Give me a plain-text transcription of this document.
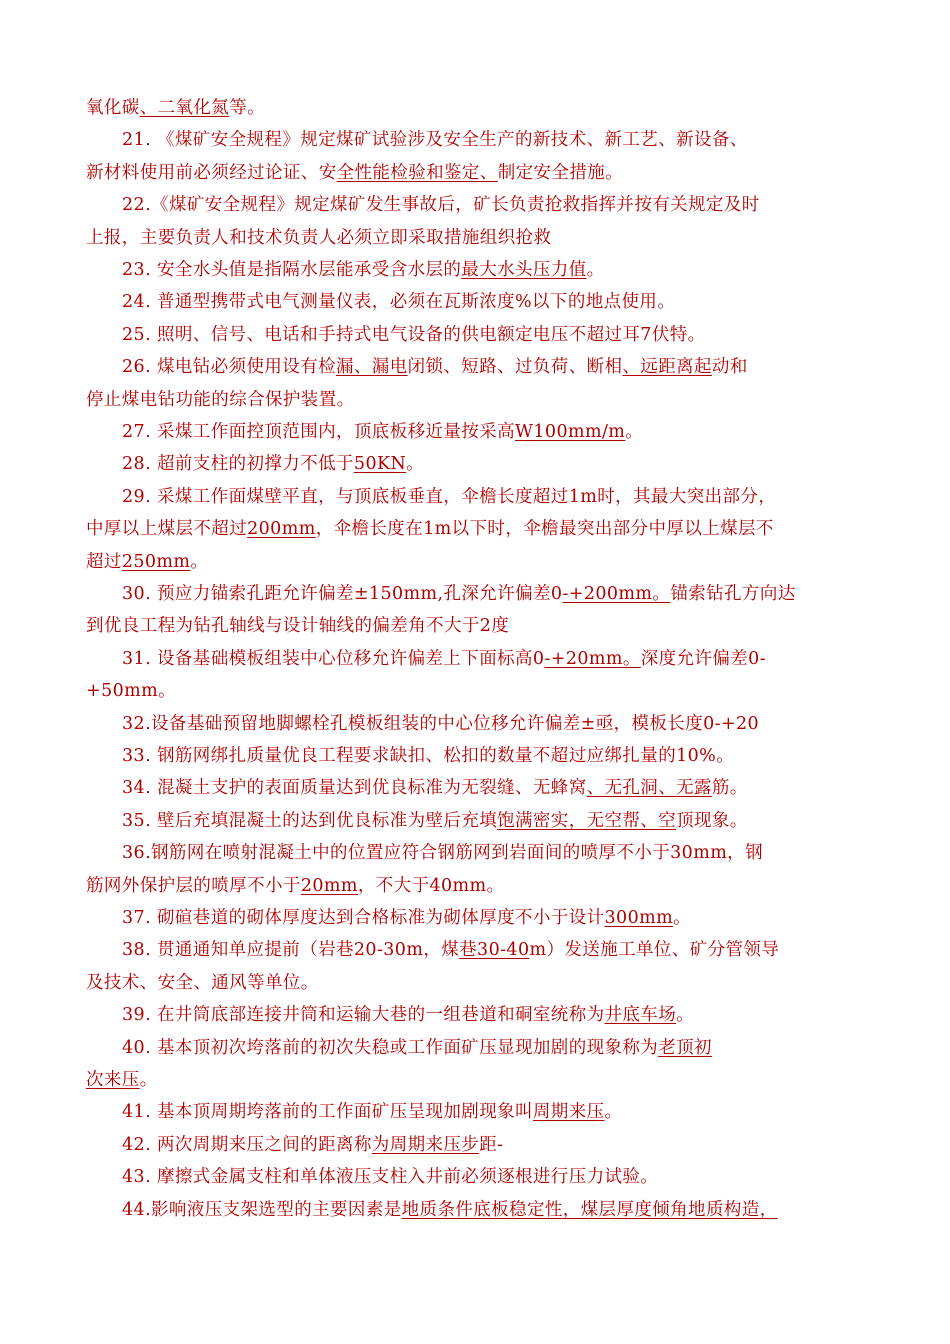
氧化碳、二氧化氮等。
21. 《煤矿安全规程》规定煤矿试验涉及安全生产的新技术、新工艺、新设备、
新材料使用前必须经过论证、安全性能检验和鉴定、制定安全措施。
22.《煤矿安全规程》规定煤矿发生事故后，矿长负责抢救指挥并按有关规定及时
上报，主要负责人和技术负责人必须立即采取措施组织抢救
23. 安全水头值是指隔水层能承受含水层的最大水头压力值。
24. 普通型携带式电气测量仪表，必须在瓦斯浓度%以下的地点使用。
25. 照明、信号、电话和手持式电气设备的供电额定电压不超过耳7伏特。
26. 煤电钻必须使用设有检漏、漏电闭锁、短路、过负荷、断相、远距离起动和
停止煤电钻功能的综合保护装置。
27. 采煤工作面控顶范围内，顶底板移近量按采高W100mm/m。
28. 超前支柱的初撑力不低于50KN。
29. 采煤工作面煤壁平直，与顶底板垂直，伞檐长度超过1m时，其最大突出部分，
中厚以上煤层不超过200mm，伞檐长度在1m以下时，伞檐最突出部分中厚以上煤层不
超过250mm。
30. 预应力锚索孔距允许偏差±150mm,孔深允许偏差0-+200mm。锚索钻孔方向达
到优良工程为钻孔轴线与设计轴线的偏差角不大于2度
31. 设备基础模板组装中心位移允许偏差上下面标高0-+20mm。深度允许偏差0-
+50mm。
32.设备基础预留地脚螺栓孔模板组装的中心位移允许偏差±亟，模板长度0-+20
33. 钢筋网绑扎质量优良工程要求缺扣、松扣的数量不超过应绑扎量的10%。
34. 混凝土支护的表面质量达到优良标准为无裂缝、无蜂窝、无孔洞、无露筋。
35. 壁后充填混凝土的达到优良标准为壁后充填饱满密实，无空帮、空顶现象。
36.钢筋网在喷射混凝土中的位置应符合钢筋网到岩面间的喷厚不小于30mm，钢
筋网外保护层的喷厚不小于20mm，不大于40mm。
37. 砌碹巷道的砌体厚度达到合格标准为砌体厚度不小于设计300mm。
38. 贯通通知单应提前（岩巷20-30m，煤巷30-40m）发送施工单位、矿分管领导
及技术、安全、通风等单位。
39. 在井筒底部连接井筒和运输大巷的一组巷道和硐室统称为井底车场。
40. 基本顶初次垮落前的初次失稳或工作面矿压显现加剧的现象称为老顶初
次来压。
41. 基本顶周期垮落前的工作面矿压呈现加剧现象叫周期来压。
42. 两次周期来压之间的距离称为周期来压步距-
43. 摩擦式金属支柱和单体液压支柱入井前必须逐根进行压力试验。
44.影响液压支架选型的主要因素是地质条件底板稳定性，煤层厚度倾角地质构造，
